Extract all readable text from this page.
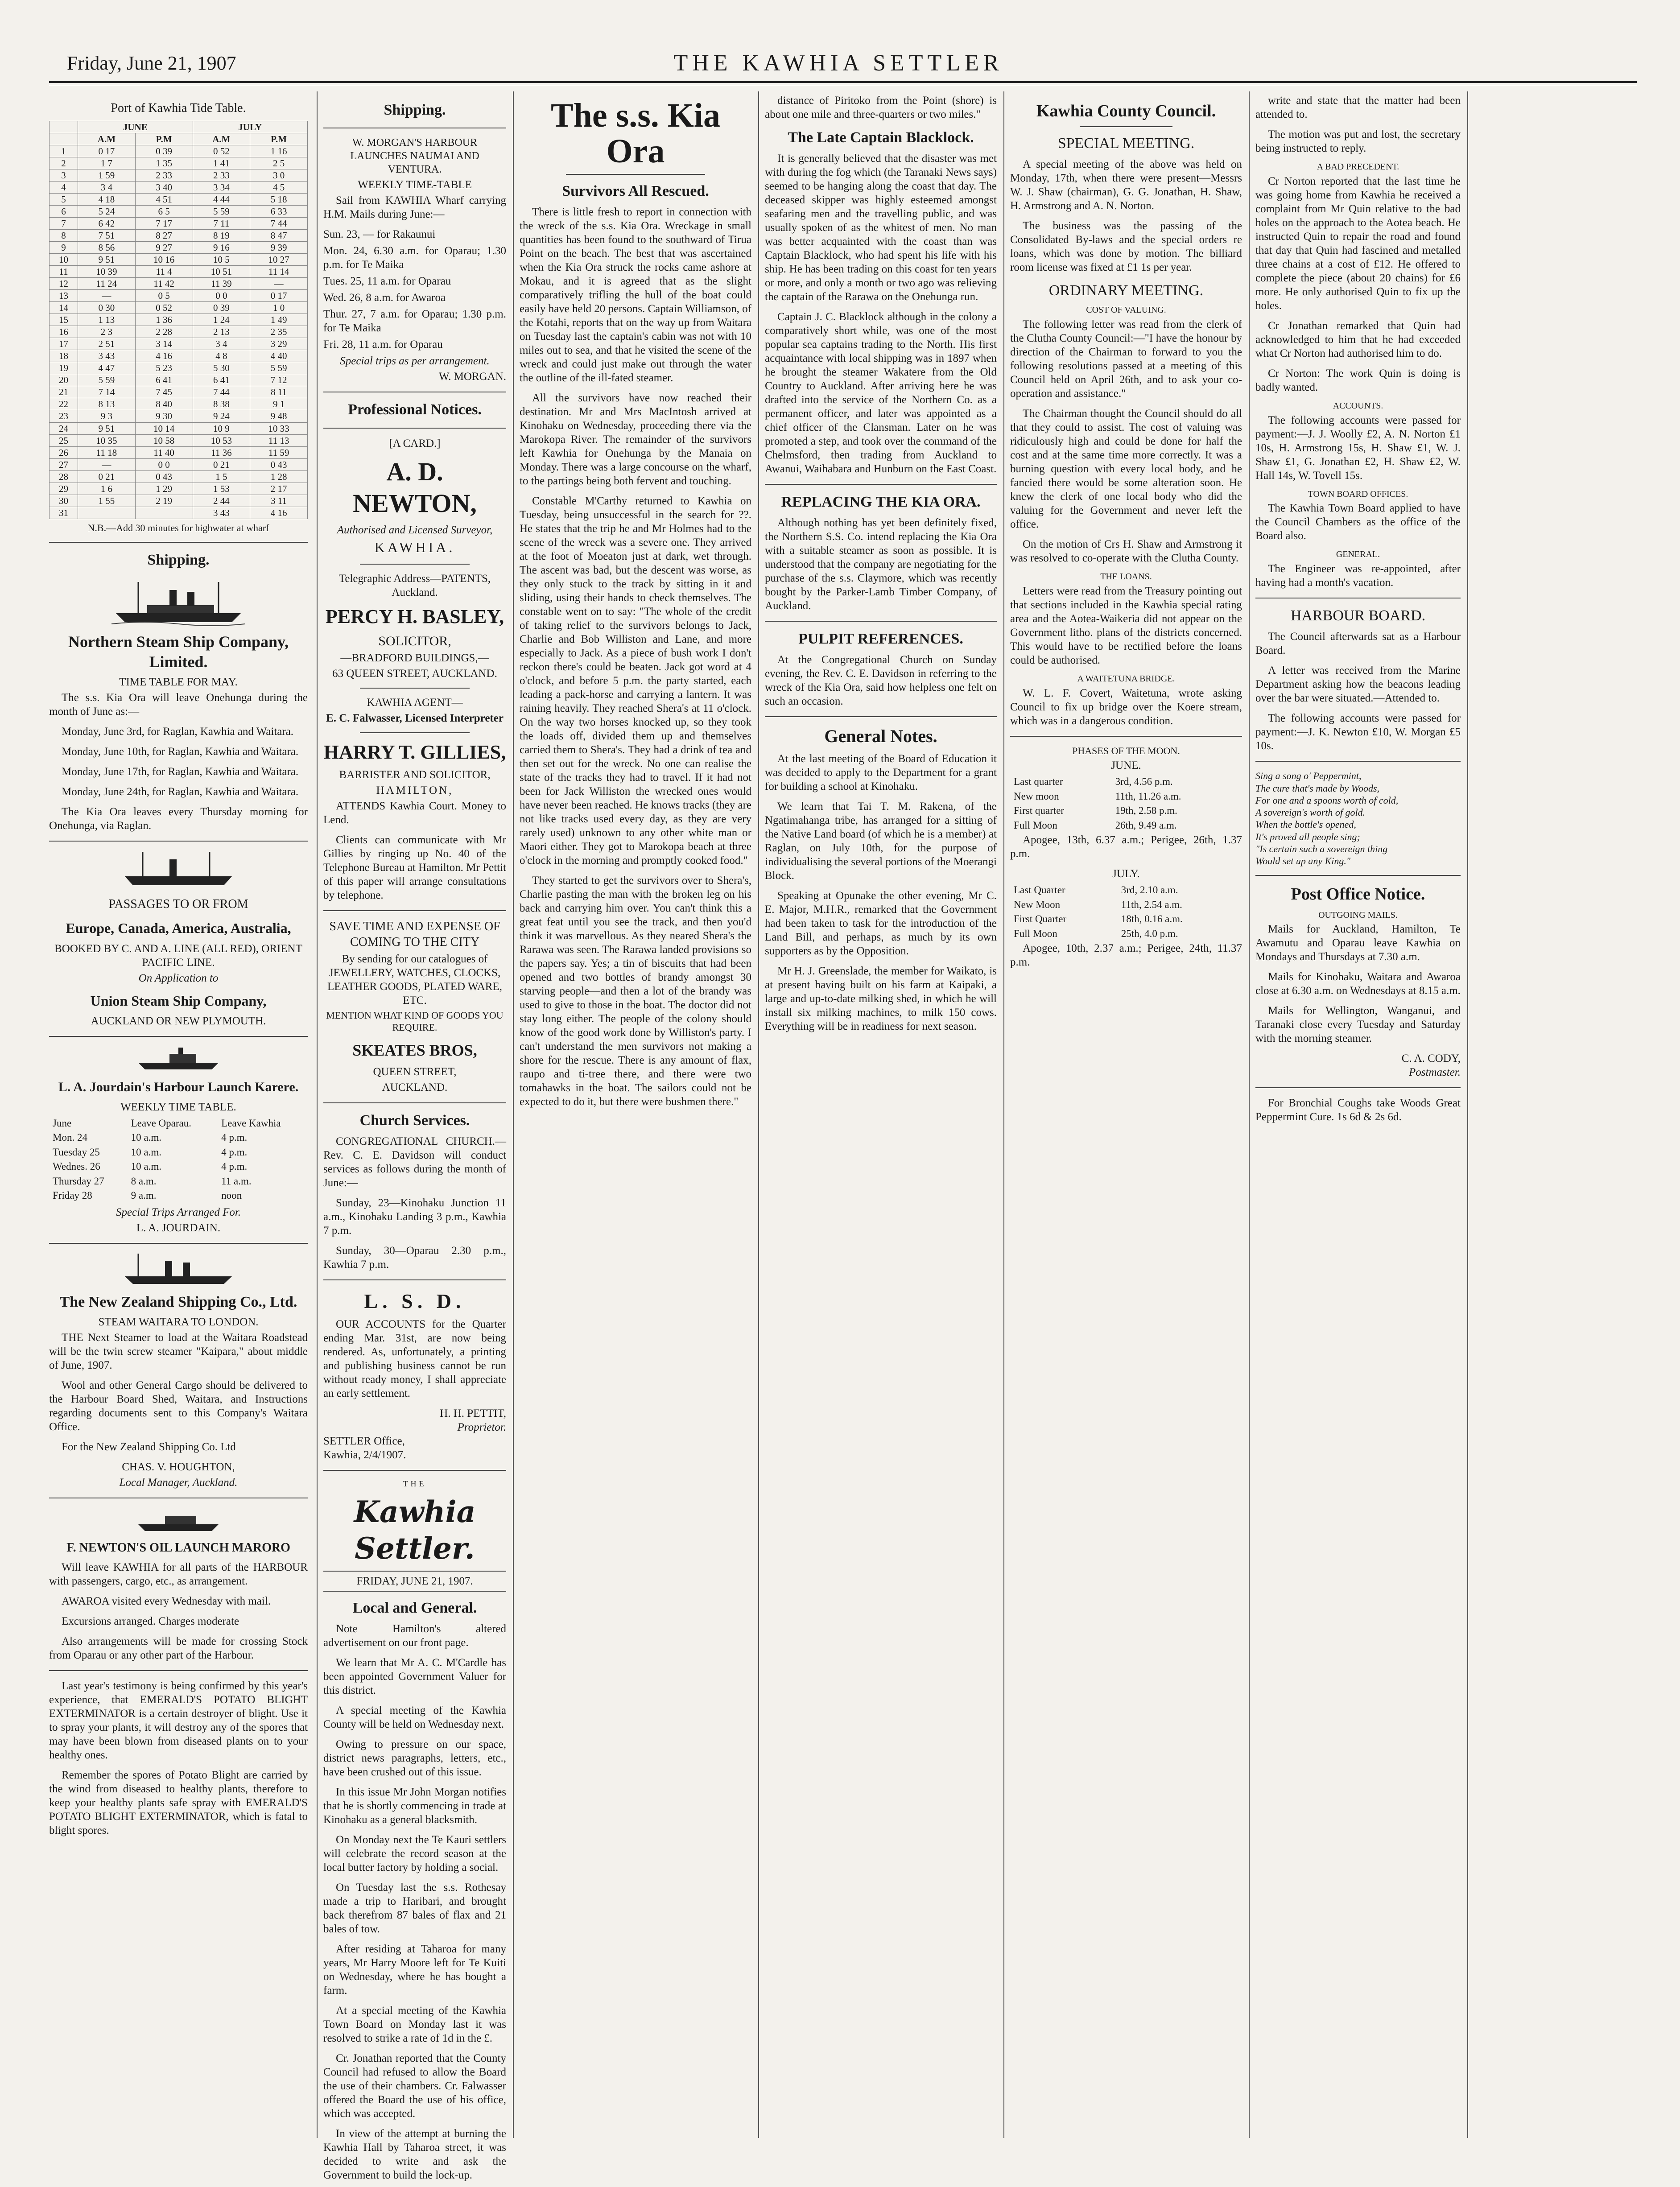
Friday, June 21, 1907	THE KAWHIA SETTLER
Port of Kawhia Tide Table.
	JUNE		JULY	
	A.M	P.M	A.M	P.M
1	0 17	0 39	0 52	1 16
2	1 7	1 35	1 41	2 5
3	1 59	2 33	2 33	3 0
4	3 4	3 40	3 34	4 5
5	4 18	4 51	4 44	5 18
6	5 24	6 5	5 59	6 33
7	6 42	7 17	7 11	7 44
8	7 51	8 27	8 19	8 47
9	8 56	9 27	9 16	9 39
10	9 51	10 16	10 5	10 27
11	10 39	11 4	10 51	11 14
12	11 24	11 42	11 39	—
13	—	0 5	0 0	0 17
14	0 30	0 52	0 39	1 0
15	1 13	1 36	1 24	1 49
16	2 3	2 28	2 13	2 35
17	2 51	3 14	3 4	3 29
18	3 43	4 16	4 8	4 40
19	4 47	5 23	5 30	5 59
20	5 59	6 41	6 41	7 12
21	7 14	7 45	7 44	8 11
22	8 13	8 40	8 38	9 1
23	9 3	9 30	9 24	9 48
24	9 51	10 14	10 9	10 33
25	10 35	10 58	10 53	11 13
26	11 18	11 40	11 36	11 59
27	—	0 0	0 21	0 43
28	0 21	0 43	1 5	1 28
29	1 6	1 29	1 53	2 17
30	1 55	2 19	2 44	3 11
31			3 43	4 16
N.B.—Add 30 minutes for highwater at wharf
Shipping.
Northern Steam Ship Company, Limited.
TIME TABLE FOR MAY.

The s.s. Kia Ora will leave Onehunga during the month of June as:—

Monday, June 3rd, for Raglan, Kawhia and Waitara.

Monday, June 10th, for Raglan, Kawhia and Waitara.

Monday, June 17th, for Raglan, Kawhia and Waitara.

Monday, June 24th, for Raglan, Kawhia and Waitara.

The Kia Ora leaves every Thursday morning for Onehunga, via Raglan.

PASSAGES TO OR FROM
Europe, Canada, America, Australia,
BOOKED BY C. AND A. LINE (ALL RED), ORIENT PACIFIC LINE.
On Application to
Union Steam Ship Company,
AUCKLAND OR NEW PLYMOUTH.
L. A. Jourdain's Harbour Launch Karere.
WEEKLY TIME TABLE.
June	Leave Oparau.	Leave Kawhia
Mon. 24	10 a.m.	4 p.m.
Tuesday 25	10 a.m.	4 p.m.
Wednes. 26	10 a.m.	4 p.m.
Thursday 27	8 a.m.	11 a.m.
Friday 28	9 a.m.	noon
Special Trips Arranged For.
L. A. JOURDAIN.
The New Zealand Shipping Co., Ltd.
STEAM WAITARA TO LONDON.

THE Next Steamer to load at the Waitara Roadstead will be the twin screw steamer "Kaipara," about middle of June, 1907.

Wool and other General Cargo should be delivered to the Harbour Board Shed, Waitara, and Instructions regarding documents sent to this Company's Waitara Office.

For the New Zealand Shipping Co. Ltd

CHAS. V. HOUGHTON,
Local Manager, Auckland.
F. NEWTON'S OIL LAUNCH MARORO

Will leave KAWHIA for all parts of the HARBOUR with passengers, cargo, etc., as arrangement.

AWAROA visited every Wednesday with mail.

Excursions arranged. Charges moderate

Also arrangements will be made for crossing Stock from Oparau or any other part of the Harbour.

Last year's testimony is being confirmed by this year's experience, that EMERALD'S POTATO BLIGHT EXTERMINATOR is a certain destroyer of blight. Use it to spray your plants, it will destroy any of the spores that may have been blown from diseased plants on to your healthy ones.

Remember the spores of Potato Blight are carried by the wind from diseased to healthy plants, therefore to keep your healthy plants safe spray with EMERALD'S POTATO BLIGHT EXTERMINATOR, which is fatal to blight spores.

Shipping.
W. MORGAN'S HARBOUR LAUNCHES NAUMAI AND VENTURA.
WEEKLY TIME-TABLE

Sail from KAWHIA Wharf carrying H.M. Mails during June:—

Sun. 23, — for Rakaunui
Mon. 24, 6.30 a.m. for Oparau; 1.30 p.m. for Te Maika
Tues. 25, 11 a.m. for Oparau
Wed. 26, 8 a.m. for Awaroa
Thur. 27, 7 a.m. for Oparau; 1.30 p.m. for Te Maika
Fri. 28, 11 a.m. for Oparau
Special trips as per arrangement.
W. MORGAN.
Professional Notices.
[A CARD.]
A. D. NEWTON,
Authorised and Licensed Surveyor,
KAWHIA.
Telegraphic Address—PATENTS, Auckland.
PERCY H. BASLEY,
SOLICITOR,
—BRADFORD BUILDINGS,—
63 QUEEN STREET, AUCKLAND.
KAWHIA AGENT—
E. C. Falwasser, Licensed Interpreter
HARRY T. GILLIES,
BARRISTER AND SOLICITOR,
HAMILTON,

ATTENDS Kawhia Court. Money to Lend.

Clients can communicate with Mr Gillies by ringing up No. 40 of the Telephone Bureau at Hamilton. Mr Pettit of this paper will arrange consultations by telephone.

SAVE TIME AND EXPENSE OF COMING TO THE CITY
By sending for our catalogues of JEWELLERY, WATCHES, CLOCKS, LEATHER GOODS, PLATED WARE, ETC.
MENTION WHAT KIND OF GOODS YOU REQUIRE.
SKEATES BROS,
QUEEN STREET,
AUCKLAND.
Church Services.

CONGREGATIONAL CHURCH.—Rev. C. E. Davidson will conduct services as follows during the month of June:—

Sunday, 23—Kinohaku Junction 11 a.m., Kinohaku Landing 3 p.m., Kawhia 7 p.m.

Sunday, 30—Oparau 2.30 p.m., Kawhia 7 p.m.

L. S. D.

OUR ACCOUNTS for the Quarter ending Mar. 31st, are now being rendered. As, unfortunately, a printing and publishing business cannot be run without ready money, I shall appreciate an early settlement.

H. H. PETTIT,
Proprietor.
SETTLER Office,
Kawhia, 2/4/1907.
THE
Kawhia Settler.
FRIDAY, JUNE 21, 1907.
Local and General.

Note Hamilton's altered advertisement on our front page.

We learn that Mr A. C. M'Cardle has been appointed Government Valuer for this district.

A special meeting of the Kawhia County will be held on Wednesday next.

Owing to pressure on our space, district news paragraphs, letters, etc., have been crushed out of this issue.

In this issue Mr John Morgan notifies that he is shortly commencing in trade at Kinohaku as a general blacksmith.

On Monday next the Te Kauri settlers will celebrate the record season at the local butter factory by holding a social.

On Tuesday last the s.s. Rothesay made a trip to Haribari, and brought back therefrom 87 bales of flax and 21 bales of tow.

After residing at Taharoa for many years, Mr Harry Moore left for Te Kuiti on Wednesday, where he has bought a farm.

At a special meeting of the Kawhia Town Board on Monday last it was resolved to strike a rate of 1d in the £.

Cr. Jonathan reported that the County Council had refused to allow the Board the use of their chambers. Cr. Falwasser offered the Board the use of his office, which was accepted.

In view of the attempt at burning the Kawhia Hall by Taharoa street, it was decided to write and ask the Government to build the lock-up.

The s.s. Kia Ora
Survivors All Rescued.

There is little fresh to report in connection with the wreck of the s.s. Kia Ora. Wreckage in small quantities has been found to the southward of Tirua Point on the beach. The best that was ascertained when the Kia Ora struck the rocks came ashore at Mokau, and it is agreed that as the slight comparatively trifling the hull of the boat could easily have held 20 persons. Captain Williamson, of the Kotahi, reports that on the way up from Waitara on Tuesday last the captain's cabin was not with 10 miles out to sea, and that he visited the scene of the wreck and could just make out through the water the outline of the ill-fated steamer.

All the survivors have now reached their destination. Mr and Mrs MacIntosh arrived at Kinohaku on Wednesday, proceeding there via the Marokopa River. The remainder of the survivors left Kawhia for Onehunga by the Manaia on Monday. There was a large concourse on the wharf, to the partings being both fervent and touching.

Constable M'Carthy returned to Kawhia on Tuesday, being unsuccessful in the search for ??. He states that the trip he and Mr Holmes had to the scene of the wreck was a severe one. They arrived at the foot of Moeaton just at dark, wet through. The ascent was bad, but the descent was worse, as they only stuck to the track by sitting in it and sliding, using their hands to check themselves. The constable went on to say: "The whole of the credit of taking relief to the survivors belongs to Jack, Charlie and Bob Williston and Lane, and more especially to Jack. As a piece of bush work I don't reckon there's could be beaten. Jack got word at 4 o'clock, and before 5 p.m. the party started, each leading a pack-horse and carrying a lantern. It was raining heavily. They reached Shera's at 11 o'clock. On the way two horses knocked up, so they took the loads off, divided them up and themselves carried them to Shera's. They had a drink of tea and then set out for the wreck. No one can realise the state of the tracks they had to travel. If it had not been for Jack Williston the wrecked ones would have never been reached. He knows tracks (they are not like tracks used every day, as they are very rarely used) unknown to any other white man or Maori either. They got to Marokopa beach at three o'clock in the morning and promptly cooked food."

They started to get the survivors over to Shera's, Charlie pasting the man with the broken leg on his back and carrying him over. You can't think this a great feat until you see the track, and then you'd think it was marvellous. As they neared Shera's the Rarawa was seen. The Rarawa landed provisions so the papers say. Yes; a tin of biscuits that had been opened and two bottles of brandy amongst 30 starving people—and then a lot of the brandy was used to give to those in the boat. The doctor did not stay long either. The people of the colony should know of the good work done by Williston's party. I can't understand the men survivors not making a shore for the rescue. There is any amount of flax, raupo and ti-tree there, and there were two tomahawks in the boat. The sailors could not be expected to do it, but there were bushmen there."

distance of Piritoko from the Point (shore) is about one mile and three-quarters or two miles."

The Late Captain Blacklock.

It is generally believed that the disaster was met with during the fog which (the Taranaki News says) seemed to be hanging along the coast that day. The deceased skipper was highly esteemed amongst seafaring men and the travelling public, and was usually spoken of as the whitest of men. No man was better acquainted with the coast than was Captain Blacklock, who had spent his life with his ship. He has been trading on this coast for ten years or more, and only a month or two ago was relieving the captain of the Rarawa on the Onehunga run.

Captain J. C. Blacklock although in the colony a comparatively short while, was one of the most popular sea captains trading to the North. His first acquaintance with local shipping was in 1897 when he brought the steamer Wakatere from the Old Country to Auckland. After arriving here he was drafted into the service of the Northern Co. as a permanent officer, and later was appointed as a chief officer of the Clansman. Later on he was promoted a step, and took over the command of the Chelmsford, then trading from Auckland to Awanui, Waihabara and Hunburn on the East Coast.

REPLACING THE KIA ORA.

Although nothing has yet been definitely fixed, the Northern S.S. Co. intend replacing the Kia Ora with a suitable steamer as soon as possible. It is understood that the company are negotiating for the purchase of the s.s. Claymore, which was recently bought by the Parker-Lamb Timber Company, of Auckland.

PULPIT REFERENCES.

At the Congregational Church on Sunday evening, the Rev. C. E. Davidson in referring to the wreck of the Kia Ora, said how helpless one felt on such an occasion.

General Notes.

At the last meeting of the Board of Education it was decided to apply to the Department for a grant for building a school at Kinohaku.

We learn that Tai T. M. Rakena, of the Ngatimahanga tribe, has arranged for a sitting of the Native Land board (of which he is a member) at Raglan, on July 10th, for the purpose of individualising the several portions of the Moerangi Block.

Speaking at Opunake the other evening, Mr C. E. Major, M.H.R., remarked that the Government had been taken to task for the introduction of the Land Bill, and perhaps, as much by its own supporters as by the Opposition.

Mr H. J. Greenslade, the member for Waikato, is at present having built on his farm at Kaipaki, a large and up-to-date milking shed, in which he will install six milking machines, to milk 150 cows. Everything will be in readiness for next season.

Kawhia County Council.
SPECIAL MEETING.

A special meeting of the above was held on Monday, 17th, when there were present—Messrs W. J. Shaw (chairman), G. G. Jonathan, H. Shaw, H. Armstrong and A. N. Norton.

The business was the passing of the Consolidated By-laws and the special orders re loans, which was done by motion. The billiard room license was fixed at £1 1s per year.

ORDINARY MEETING.
COST OF VALUING.

The following letter was read from the clerk of the Clutha County Council:—"I have the honour by direction of the Chairman to forward to you the following resolutions passed at a meeting of this Council held on April 26th, and to ask your co-operation and assistance."

The Chairman thought the Council should do all that they could to assist. The cost of valuing was ridiculously high and could be done for half the cost and at the same time more correctly. It was a burning question with every local body, and he fancied there would be some alteration soon. He knew the clerk of one local body who did the valuing for the Government and never left the office.

On the motion of Crs H. Shaw and Armstrong it was resolved to co-operate with the Clutha County.

THE LOANS.

Letters were read from the Treasury pointing out that sections included in the Kawhia special rating area and the Aotea-Waikeria did not appear on the Government litho. plans of the districts concerned. This would have to be rectified before the loans could be authorised.

A WAITETUNA BRIDGE.

W. L. F. Covert, Waitetuna, wrote asking Council to fix up bridge over the Koere stream, which was in a dangerous condition.

PHASES OF THE MOON.
JUNE.
Last quarter	3rd, 4.56 p.m.
New moon	11th, 11.26 a.m.
First quarter	19th, 2.58 p.m.
Full Moon	26th, 9.49 a.m.

Apogee, 13th, 6.37 a.m.; Perigee, 26th, 1.37 p.m.

JULY.
Last Quarter	3rd, 2.10 a.m.
New Moon	11th, 2.54 a.m.
First Quarter	18th, 0.16 a.m.
Full Moon	25th, 4.0 p.m.

Apogee, 10th, 2.37 a.m.; Perigee, 24th, 11.37 p.m.

write and state that the matter had been attended to.

The motion was put and lost, the secretary being instructed to reply.

A BAD PRECEDENT.

Cr Norton reported that the last time he was going home from Kawhia he received a complaint from Mr Quin relative to the bad holes on the approach to the Aotea beach. He instructed Quin to repair the road and found that day that Quin had fascined and metalled three chains at a cost of £12. He offered to complete the piece (about 20 chains) for £6 more. He only authorised Quin to fix up the holes.

Cr Jonathan remarked that Quin had acknowledged to him that he had exceeded what Cr Norton had authorised him to do.

Cr Norton: The work Quin is doing is badly wanted.

ACCOUNTS.

The following accounts were passed for payment:—J. J. Woolly £2, A. N. Norton £1 10s, H. Armstrong 15s, H. Shaw £1, W. J. Shaw £1, G. Jonathan £2, H. Shaw £2, W. Hall 14s, W. Tovell 15s.

TOWN BOARD OFFICES.

The Kawhia Town Board applied to have the Council Chambers as the office of the Board also.

GENERAL.

The Engineer was re-appointed, after having had a month's vacation.

HARBOUR BOARD.

The Council afterwards sat as a Harbour Board.

A letter was received from the Marine Department asking how the beacons leading over the bar were situated.—Attended to.

The following accounts were passed for payment:—J. K. Newton £10, W. Morgan £5 10s.

Sing a song o' Peppermint,
The cure that's made by Woods,
For one and a spoons worth of cold,
A sovereign's worth of gold.
When the bottle's opened,
It's proved all people sing;
"Is certain such a sovereign thing
Would set up any King."
Post Office Notice.
OUTGOING MAILS.

Mails for Auckland, Hamilton, Te Awamutu and Oparau leave Kawhia on Mondays and Thursdays at 7.30 a.m.

Mails for Kinohaku, Waitara and Awaroa close at 6.30 a.m. on Wednesdays at 8.15 a.m.

Mails for Wellington, Wanganui, and Taranaki close every Tuesday and Saturday with the morning steamer.

C. A. CODY,
Postmaster.

For Bronchial Coughs take Woods Great Peppermint Cure. 1s 6d & 2s 6d.
